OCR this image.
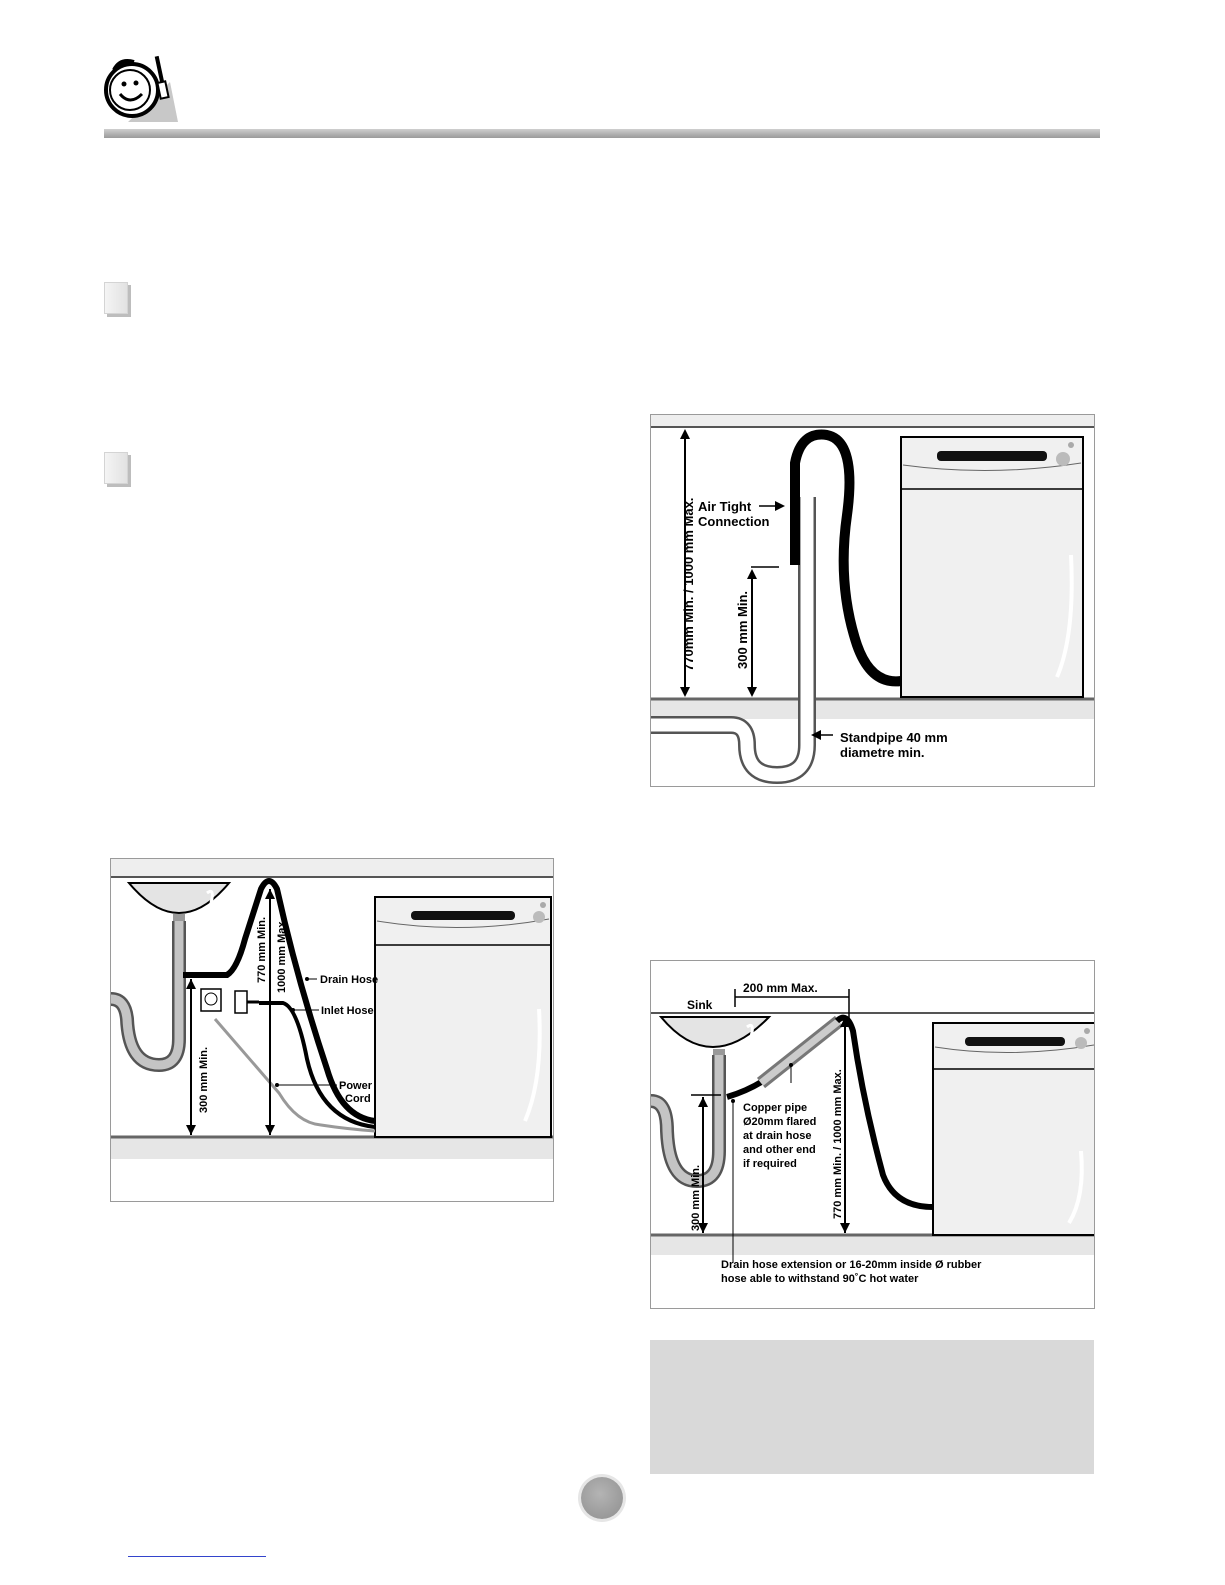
770mm Min. / 1000 mm Max. Air Tight
Connection
300 mm Min.
Standpipe 40 mm
diametre min.
770 mm Min. 1000 mm Max.	Drain Hose
Inlet Hose
Power
Cord
300 mm Min.
Sink
200 mm Max.
Copper pipe
Ø20mm flared
at drain hose
and other end
if required
300 mm Min.	770 mm Min. / 1000 mm Max.
Drain hose extension or 16-20mm inside Ø rubber
hose able to withstand 90˚C hot water
